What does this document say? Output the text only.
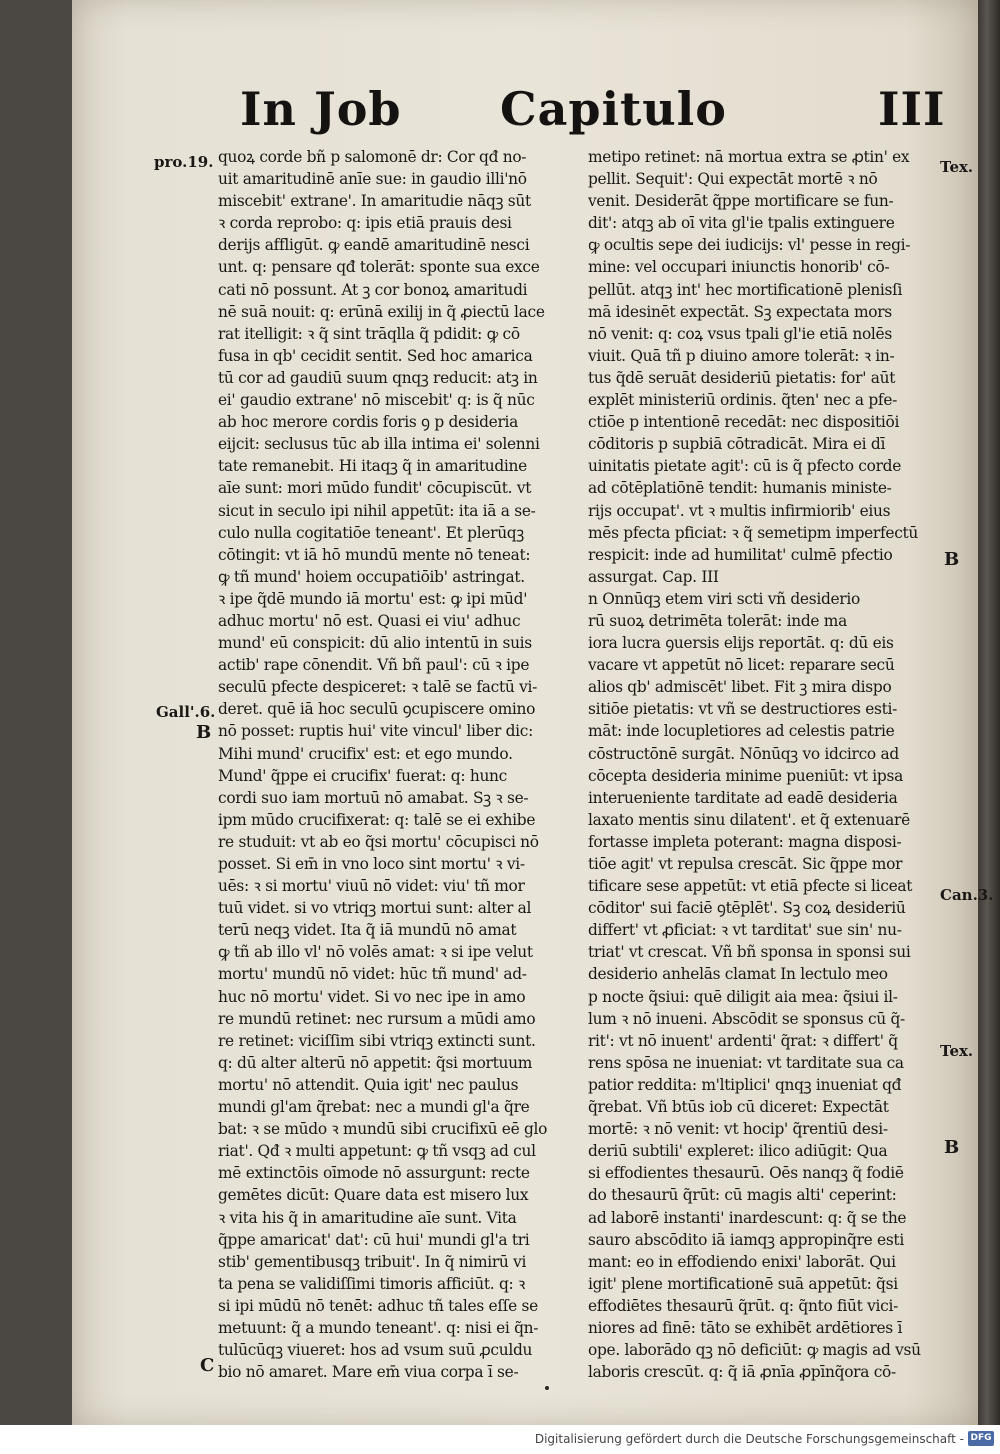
In Job Capitulo	III
pro.19.
Gall'.6.
B
C
Tex.
B
Can.3.
Tex.
B
quoꝝ corde bñ p salomonē dr: Cor qđ no-
uit amaritudinē anīe sue: in gaudio illi'nō
miscebit' extrane'. In amaritudie nāqꝫ sūt
ꝛ corda reprobo: q: ipis etiā prauis desi
derijs affligūt. ꝙ eandē amaritudinē nesci
unt. q: pensare qđ tolerāt: sponte sua exce
cati nō possunt. At ꝫ cor bonoꝝ amaritudi
nē suā nouit: q: erūnā exilij in q̃ ꝓiectū lace
rat itelligit: ꝛ q̃ sint trāqlla q̃ pdidit: ꝙ cō
fusa in qb' cecidit sentit. Sed hoc amarica
tū cor ad gaudiū suum qnqꝫ reducit: atꝫ in
ei' gaudio extrane' nō miscebit' q: is q̃ nūc
ab hoc merore cordis foris ꝯ p desideria
eijcit: seclusus tūc ab illa intima ei' solenni
tate remanebit. Hi itaqꝫ q̃ in amaritudine
aīe sunt: mori mūdo fundit' cōcupiscūt. vt
sicut in seculo ipi nihil appetūt: ita iā a se-
culo nulla cogitatiōe teneant'. Et plerūqꝫ
cōtingit: vt iā hō mundū mente nō teneat:
ꝙ tñ mund' hoiem occupatiōib' astringat.
ꝛ ipe q̃dē mundo iā mortu' est: ꝙ ipi mūd'
adhuc mortu' nō est. Quasi ei viu' adhuc
mund' eū conspicit: dū alio intentū in suis
actib' rape cōnendit. Vñ bñ paul': cū ꝛ ipe
seculū pfecte despiceret: ꝛ talē se factū vi-
deret. quē iā hoc seculū ꝯcupiscere omino
nō posset: ruptis hui' vite vincul' liber dic:
Mihi mund' crucifix' est: et ego mundo.
Mund' q̃ppe ei crucifix' fuerat: q: hunc
cordi suo iam mortuū nō amabat. Sꝫ ꝛ se-
ipm mūdo crucifixerat: q: talē se ei exhibe
re studuit: vt ab eo q̃si mortu' cōcupisci nō
posset. Si em̄ in vno loco sint mortu' ꝛ vi-
uēs: ꝛ si mortu' viuū nō videt: viu' tñ mor
tuū videt. si vo vtriqꝫ mortui sunt: alter al
terū neqꝫ videt. Ita q̃ iā mundū nō amat
ꝙ tñ ab illo vl' nō volēs amat: ꝛ si ipe velut
mortu' mundū nō videt: hūc tñ mund' ad-
huc nō mortu' videt. Si vo nec ipe in amo
re mundū retinet: nec rursum a mūdi amo
re retinet: viciſſim sibi vtriqꝫ extincti sunt.
q: dū alter alterū nō appetit: q̃si mortuum
mortu' nō attendit. Quia igit' nec paulus
mundi gl'am q̃rebat: nec a mundi gl'a q̃re
bat: ꝛ se mūdo ꝛ mundū sibi crucifixū eē glo
riat'. Qđ ꝛ multi appetunt: ꝙ tñ vsqꝫ ad cul
mē extinctōis oīmode nō assurgunt: recte
gemētes dicūt: Quare data est misero lux
ꝛ vita his q̃ in amaritudine aīe sunt. Vita
q̃ppe amaricat' dat': cū hui' mundi gl'a tri
stib' gementibusqꝫ tribuit'. In q̃ nimirū vi
ta pena se validiſſimi timoris afficiūt. q: ꝛ
si ipi mūdū nō tenēt: adhuc tñ tales eſſe se
metuunt: q̃ a mundo teneant'. q: nisi ei q̃n-
tulūcūqꝫ viueret: hos ad vsum suū ꝓculdu
bio nō amaret. Mare em̄ viua corpa ī se-
metipo retinet: nā mortua extra se ꝓtin' ex
pellit. Sequit': Qui expectāt mortē ꝛ nō
venit. Desiderāt q̃ppe mortificare se fun-
dit': atqꝫ ab oī vita gl'ie tpalis extinguere
ꝙ ocultis sepe dei iudicijs: vl' pesse in regi-
mine: vel occupari iniunctis honorib' cō-
pellūt. atqꝫ int' hec mortificationē plenisſi
mā idesinēt expectāt. Sꝫ expectata mors
nō venit: q: coꝝ vsus tpali gl'ie etiā nolēs
viuit. Quā tñ p diuino amore tolerāt: ꝛ in-
tus q̃dē seruāt desideriū pietatis: for' aūt
explēt ministeriū ordinis. q̃ten' nec a pfe-
ctiōe p intentionē recedāt: nec dispositiōi
cōditoris p supbiā cōtradicāt. Mira ei dī
uinitatis pietate agit': cū is q̃ pfecto corde
ad cōtēplatiōnē tendit: humanis ministe-
rijs occupat'. vt ꝛ multis infirmiorib' eius
mēs pfecta pficiat: ꝛ q̃ semetipm imperfectū
respicit: inde ad humilitat' culmē pfectio
assurgat. Cap. III
n Onnūqꝫ etem viri scti vñ desiderio
rū suoꝝ detrimēta tolerāt: inde ma
iora lucra ꝯuersis elijs reportāt. q: dū eis
vacare vt appetūt nō licet: reparare secū
alios qb' admiscēt' libet. Fit ꝫ mira dispo
sitiōe pietatis: vt vñ se destructiores esti-
māt: inde locupletiores ad celestis patrie
cōstructōnē surgāt. Nōnūqꝫ vo idcirco ad
cōcepta desideria minime pueniūt: vt ipsa
interueniente tarditate ad eadē desideria
laxato mentis sinu dilatent'. et q̃ extenuarē
fortasse impleta poterant: magna disposi-
tiōe agit' vt repulsa crescāt. Sic q̃ppe mor
tificare sese appetūt: vt etiā pfecte si liceat
cōditor' sui faciē ꝯtēplēt'. Sꝫ coꝝ desideriū
differt' vt ꝓficiat: ꝛ vt tarditat' sue sin' nu-
triat' vt crescat. Vñ bñ sponsa in sponsi sui
desiderio anhelās clamat In lectulo meo
p nocte q̃siui: quē diligit aia mea: q̃siui il-
lum ꝛ nō inueni. Abscōdit se sponsus cū q̃-
rit': vt nō inuent' ardenti' q̃rat: ꝛ differt' q̃
rens spōsa ne inueniat: vt tarditate sua ca
patior reddita: m'ltiplici' qnqꝫ inueniat qđ
q̃rebat. Vñ btūs iob cū diceret: Expectāt
mortē: ꝛ nō venit: vt hocip' q̃rentiū desi-
deriū subtili' expleret: ilico adiūgit: Qua
si effodientes thesaurū. Oēs nanqꝫ q̃ fodiē
do thesaurū q̃rūt: cū magis alti' ceperint:
ad laborē instanti' inardescunt: q: q̃ se the
sauro abscōdito iā iamqꝫ appropinq̃re esti
mant: eo in effodiendo enixi' laborāt. Qui
igit' plene mortificationē suā appetūt: q̃si
effodiētes thesaurū q̃rūt. q: q̃nto fiūt vici-
niores ad finē: tāto se exhibēt ardētiores ī
ope. laborādo qꝫ nō deficiūt: ꝙ magis ad vsū
laboris crescūt. q: q̃ iā ꝓnīa ꝓpīnq̃ora cō-
Digitalisierung gefördert durch die Deutsche Forschungsgemeinschaft - DFG
